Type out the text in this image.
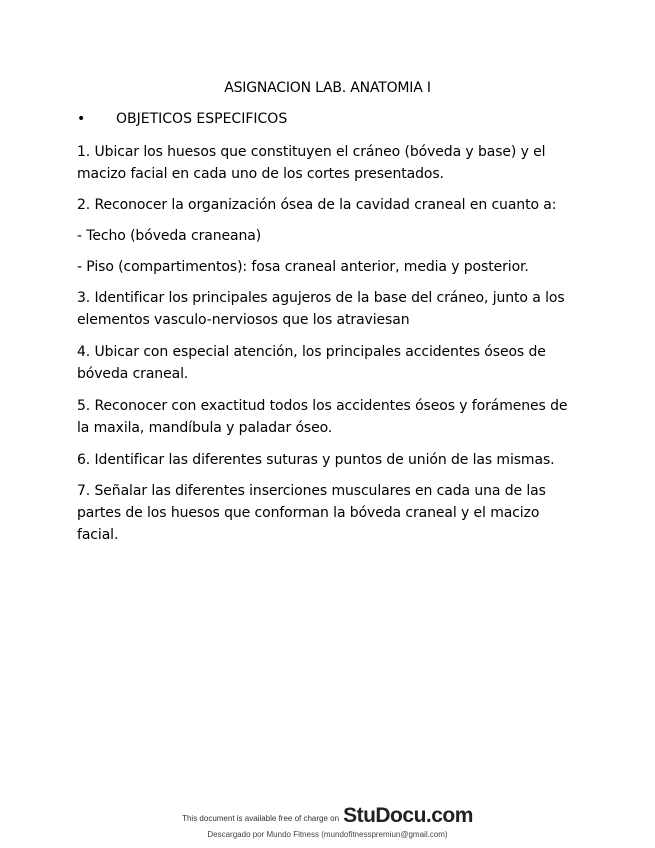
ASIGNACION LAB. ANATOMIA I
•	OBJETICOS ESPECIFICOS
1. Ubicar los huesos que constituyen el cráneo (bóveda y base) y el macizo facial en cada uno de los cortes presentados.
2. Reconocer la organización ósea de la cavidad craneal en cuanto a:
- Techo (bóveda craneana)
- Piso (compartimentos): fosa craneal anterior, media y posterior.
3. Identificar los principales agujeros de la base del cráneo, junto a los elementos vasculo-nerviosos que los atraviesan
4. Ubicar con especial atención, los principales accidentes óseos de bóveda craneal.
5. Reconocer con exactitud todos los accidentes óseos y forámenes de la maxila, mandíbula y paladar óseo.
6. Identificar las diferentes suturas y puntos de unión de las mismas.
7. Señalar las diferentes inserciones musculares en cada una de las partes de los huesos que conforman la bóveda craneal y el macizo facial.
This document is available free of charge on StuDocu.com
Descargado por Mundo Fitness (mundofitnesspremiun@gmail.com)
